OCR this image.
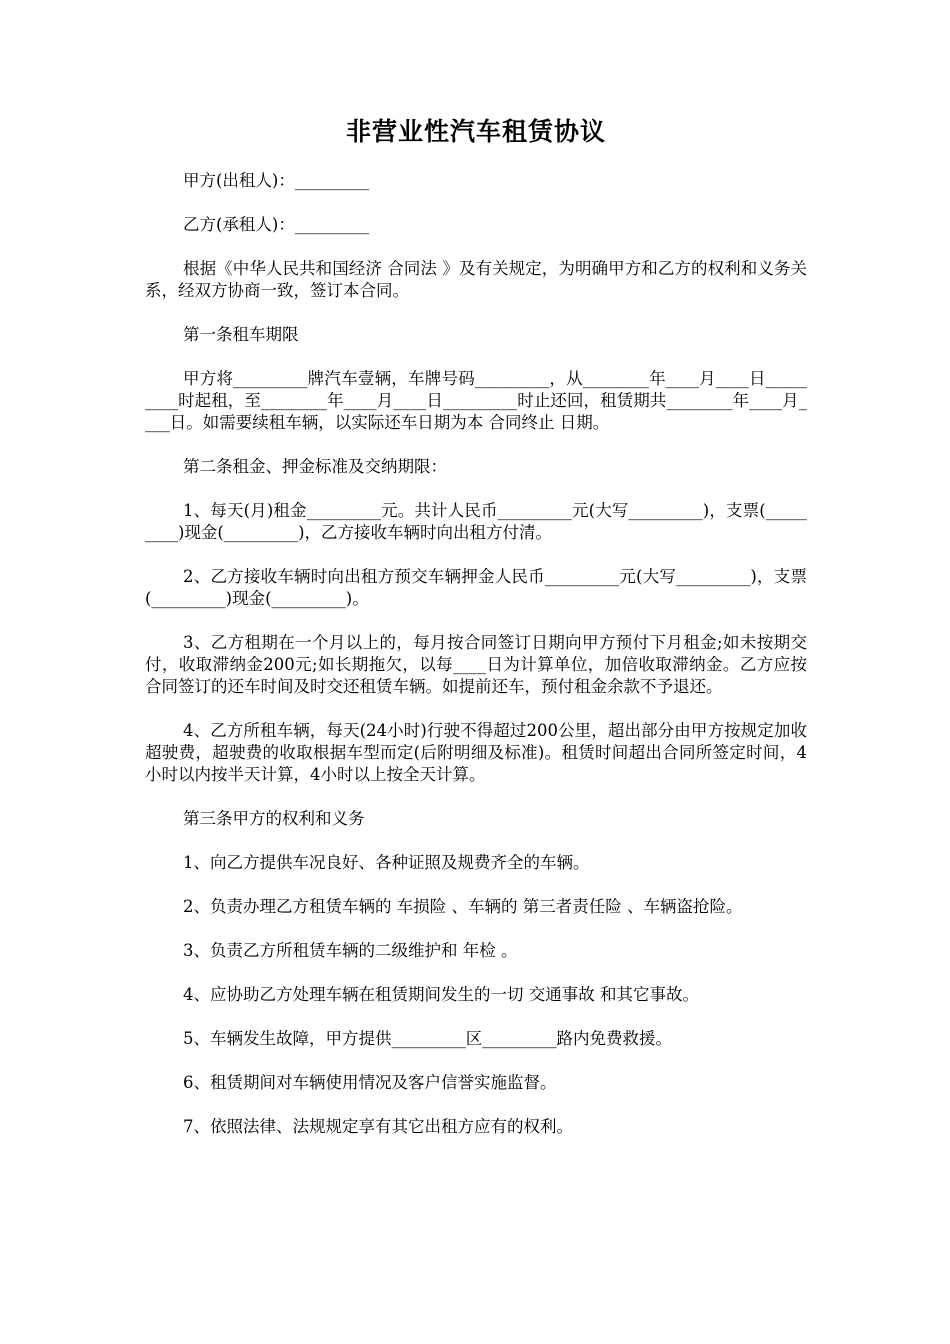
非营业性汽车租赁协议

甲方(出租人)：_________

乙方(承租人)：_________

根据《中华人民共和国经济 合同法 》及有关规定，为明确甲方和乙方的权利和义务关系，经双方协商一致，签订本合同。

第一条租车期限

甲方将_________牌汽车壹辆，车牌号码_________，从________年____月____日_________时起租，至________年____月____日_________时止还回，租赁期共________年____月____日。如需要续租车辆，以实际还车日期为本 合同终止 日期。

第二条租金、押金标准及交纳期限：

1、每天(月)租金_________元。共计人民币_________元(大写_________)，支票(_________)现金(_________)，乙方接收车辆时向出租方付清。

2、乙方接收车辆时向出租方预交车辆押金人民币_________元(大写_________)，支票(_________)现金(_________)。

3、乙方租期在一个月以上的，每月按合同签订日期向甲方预付下月租金;如未按期交付，收取滞纳金200元;如长期拖欠，以每____日为计算单位，加倍收取滞纳金。乙方应按合同签订的还车时间及时交还租赁车辆。如提前还车，预付租金余款不予退还。

4、乙方所租车辆，每天(24小时)行驶不得超过200公里，超出部分由甲方按规定加收超驶费，超驶费的收取根据车型而定(后附明细及标准)。租赁时间超出合同所签定时间，4小时以内按半天计算，4小时以上按全天计算。

第三条甲方的权利和义务

1、向乙方提供车况良好、各种证照及规费齐全的车辆。

2、负责办理乙方租赁车辆的 车损险 、车辆的 第三者责任险 、车辆盗抢险。

3、负责乙方所租赁车辆的二级维护和 年检 。

4、应协助乙方处理车辆在租赁期间发生的一切 交通事故 和其它事故。

5、车辆发生故障，甲方提供_________区_________路内免费救援。

6、租赁期间对车辆使用情况及客户信誉实施监督。

7、依照法律、法规规定享有其它出租方应有的权利。
